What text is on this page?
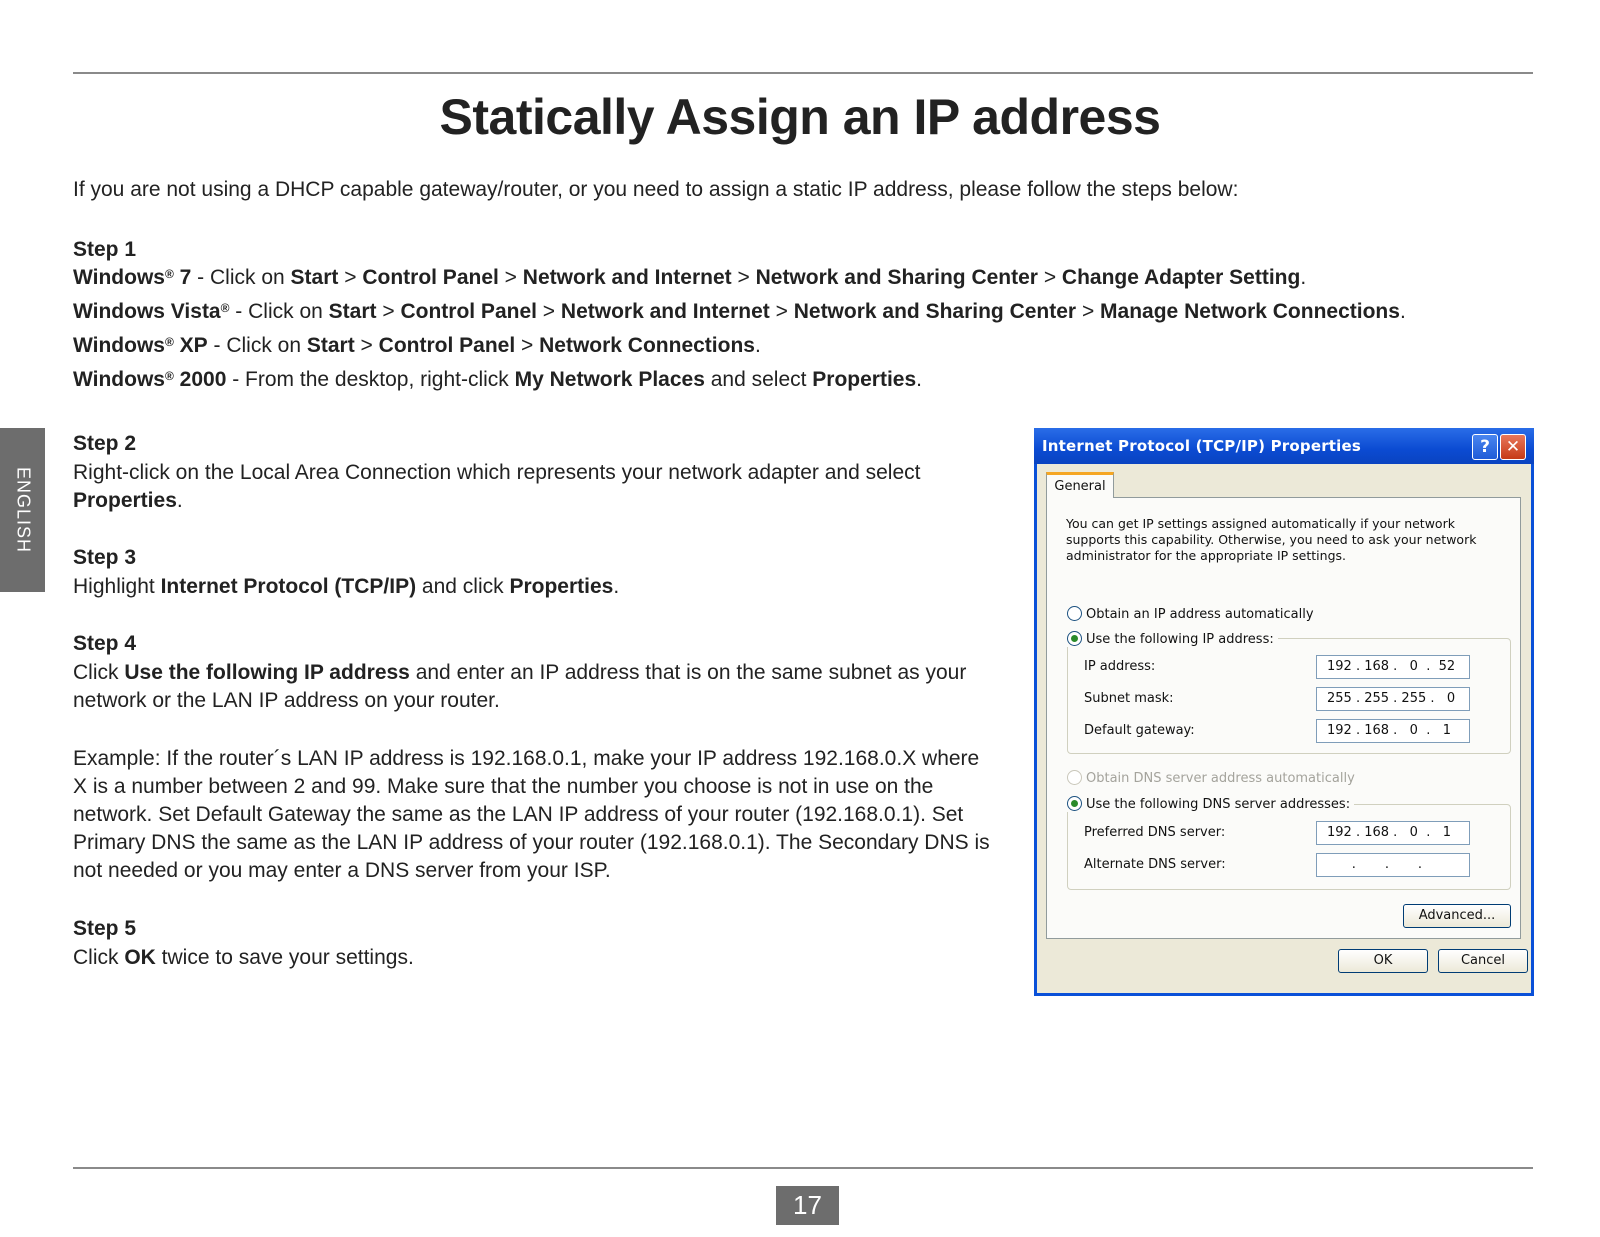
Statically Assign an IP address
If you are not using a DHCP capable gateway/router, or you need to assign a static IP address, please follow the steps below:
Step 1
Windows® 7 - Click on Start > Control Panel > Network and Internet > Network and Sharing Center > Change Adapter Setting.
Windows Vista® - Click on Start > Control Panel > Network and Internet > Network and Sharing Center > Manage Network Connections.
Windows® XP - Click on Start > Control Panel > Network Connections.
Windows® 2000 - From the desktop, right-click My Network Places and select Properties.
ENGLISH
Step 2
Right-click on the Local Area Connection which represents your network adapter and select
Properties.
Step 3
Highlight Internet Protocol (TCP/IP) and click Properties.
Step 4
Click Use the following IP address and enter an IP address that is on the same subnet as your network or the LAN IP address on your router.
Example: If the router´s LAN IP address is 192.168.0.1, make your IP address 192.168.0.X where X is a number between 2 and 99. Make sure that the number you choose is not in use on the network. Set Default Gateway the same as the LAN IP address of your router (192.168.0.1). Set Primary DNS the same as the LAN IP address of your router (192.168.0.1). The Secondary DNS is not needed or you may enter a DNS server from your ISP.
Step 5
Click OK twice to save your settings.
Internet Protocol (TCP/IP) Properties	? ✕
General
You can get IP settings assigned automatically if your network supports this capability. Otherwise, you need to ask your network administrator for the appropriate IP settings.
Obtain an IP address automatically
IP address:	192 . 168 .   0  .  52
Subnet mask:	255 . 255 . 255 .   0
Default gateway:	192 . 168 .   0  .   1
Use the following IP address:
Obtain DNS server address automatically
Preferred DNS server:	192 . 168 .   0  .   1
Alternate DNS server:	.       .       .
Use the following DNS server addresses:
Advanced...
OK	Cancel
17
